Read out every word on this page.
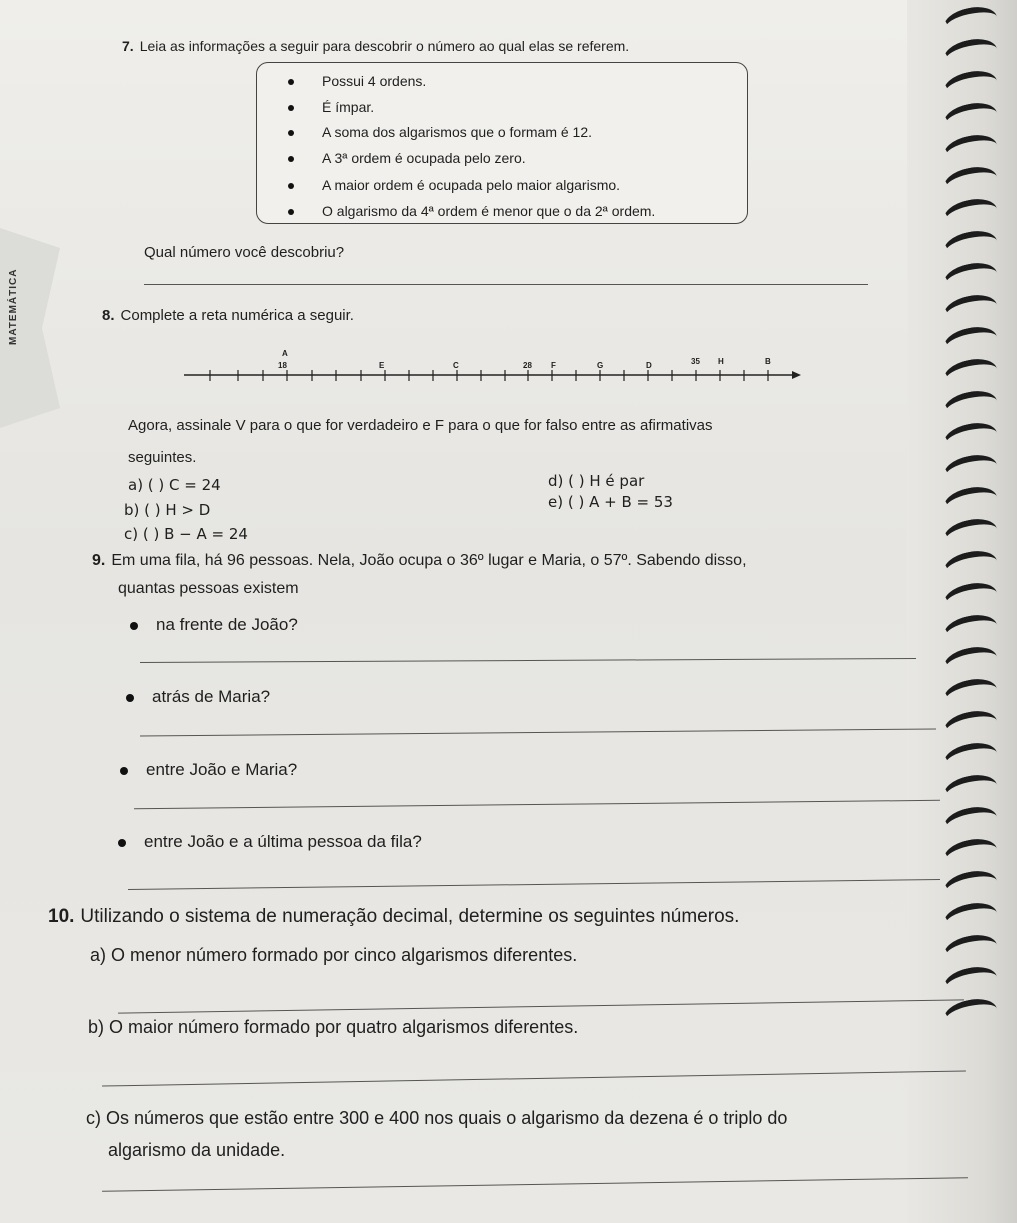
7. Leia as informações a seguir para descobrir o número ao qual elas se referem.
Possui 4 ordens.
É ímpar.
A soma dos algarismos que o formam é 12.
A 3ª ordem é ocupada pelo zero.
A maior ordem é ocupada pelo maior algarismo.
O algarismo da 4ª ordem é menor que o da 2ª ordem.
Qual número você descobriu?
8. Complete a reta numérica a seguir.
A
18	E	C	28 F	G	D	35 H	B
Agora, assinale V para o que for verdadeiro e F para o que for falso entre as afirmativas
seguintes.
a) ( ) C = 24
b) ( ) H > D
c) ( ) B − A = 24
d) ( ) H é par
e) ( ) A + B = 53
9. Em uma fila, há 96 pessoas. Nela, João ocupa o 36º lugar e Maria, o 57º. Sabendo disso,
quantas pessoas existem
na frente de João?
atrás de Maria?
entre João e Maria?
entre João e a última pessoa da fila?
10. Utilizando o sistema de numeração decimal, determine os seguintes números.
a) O menor número formado por cinco algarismos diferentes.
b) O maior número formado por quatro algarismos diferentes.
c) Os números que estão entre 300 e 400 nos quais o algarismo da dezena é o triplo do
algarismo da unidade.
